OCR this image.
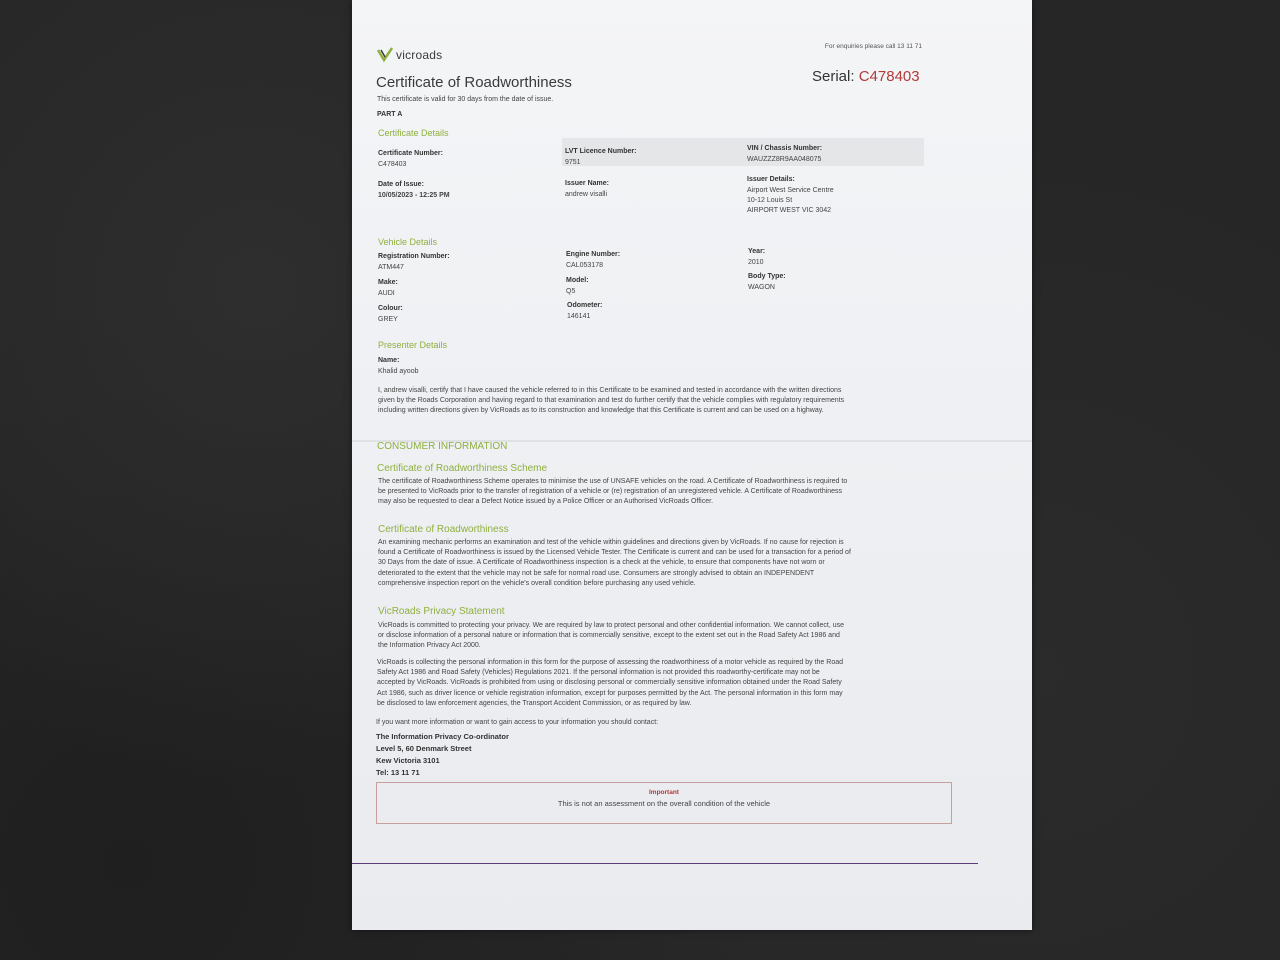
vicroads
For enquiries please call 13 11 71
Certificate of Roadworthiness	Serial: C478403
This certificate is valid for 30 days from the date of issue.
PART A
Certificate Details
Certificate Number:
C478403
LVT Licence Number:
9751
VIN / Chassis Number:
WAUZZZ8R9AA048075
Date of Issue:
10/05/2023 - 12:25 PM
Issuer Name:
andrew visalli
Issuer Details:
Airport West Service Centre
10-12 Louis St
AIRPORT WEST VIC 3042
Vehicle Details
Registration Number:
ATM447
Engine Number:
CAL053178
Year:
2010
Make:
AUDI
Model:
Q5
Body Type:
WAGON
Colour:
GREY
Odometer:
146141
Presenter Details
Name:
Khalid ayoob
I, andrew visalli, certify that I have caused the vehicle referred to in this Certificate to be examined and tested in accordance with the written directions
given by the Roads Corporation and having regard to that examination and test do further certify that the vehicle complies with regulatory requirements
including written directions given by VicRoads as to its construction and knowledge that this Certificate is current and can be used on a highway.
CONSUMER INFORMATION
Certificate of Roadworthiness Scheme
The certificate of Roadworthiness Scheme operates to minimise the use of UNSAFE vehicles on the road. A Certificate of Roadworthiness is required to
be presented to VicRoads prior to the transfer of registration of a vehicle or (re) registration of an unregistered vehicle. A Certificate of Roadworthiness
may also be requested to clear a Defect Notice issued by a Police Officer or an Authorised VicRoads Officer.
Certificate of Roadworthiness
An examining mechanic performs an examination and test of the vehicle within guidelines and directions given by VicRoads. If no cause for rejection is
found a Certificate of Roadworthiness is issued by the Licensed Vehicle Tester. The Certificate is current and can be used for a transaction for a period of
30 Days from the date of issue. A Certificate of Roadworthiness inspection is a check at the vehicle, to ensure that components have not worn or
deteriorated to the extent that the vehicle may not be safe for normal road use. Consumers are strongly advised to obtain an INDEPENDENT
comprehensive inspection report on the vehicle's overall condition before purchasing any used vehicle.
VicRoads Privacy Statement
VicRoads is committed to protecting your privacy. We are required by law to protect personal and other confidential information. We cannot collect, use
or disclose information of a personal nature or information that is commercially sensitive, except to the extent set out in the Road Safety Act 1986 and
the Information Privacy Act 2000.
VicRoads is collecting the personal information in this form for the purpose of assessing the roadworthiness of a motor vehicle as required by the Road
Safety Act 1986 and Road Safety (Vehicles) Regulations 2021. If the personal information is not provided this roadworthy-certificate may not be
accepted by VicRoads. VicRoads is prohibited from using or disclosing personal or commercially sensitive information obtained under the Road Safety
Act 1986, such as driver licence or vehicle registration information, except for purposes permitted by the Act. The personal information in this form may
be disclosed to law enforcement agencies, the Transport Accident Commission, or as required by law.
If you want more information or want to gain access to your information you should contact:
The Information Privacy Co-ordinator
Level 5, 60 Denmark Street
Kew Victoria 3101
Tel: 13 11 71
Important
This is not an assessment on the overall condition of the vehicle
